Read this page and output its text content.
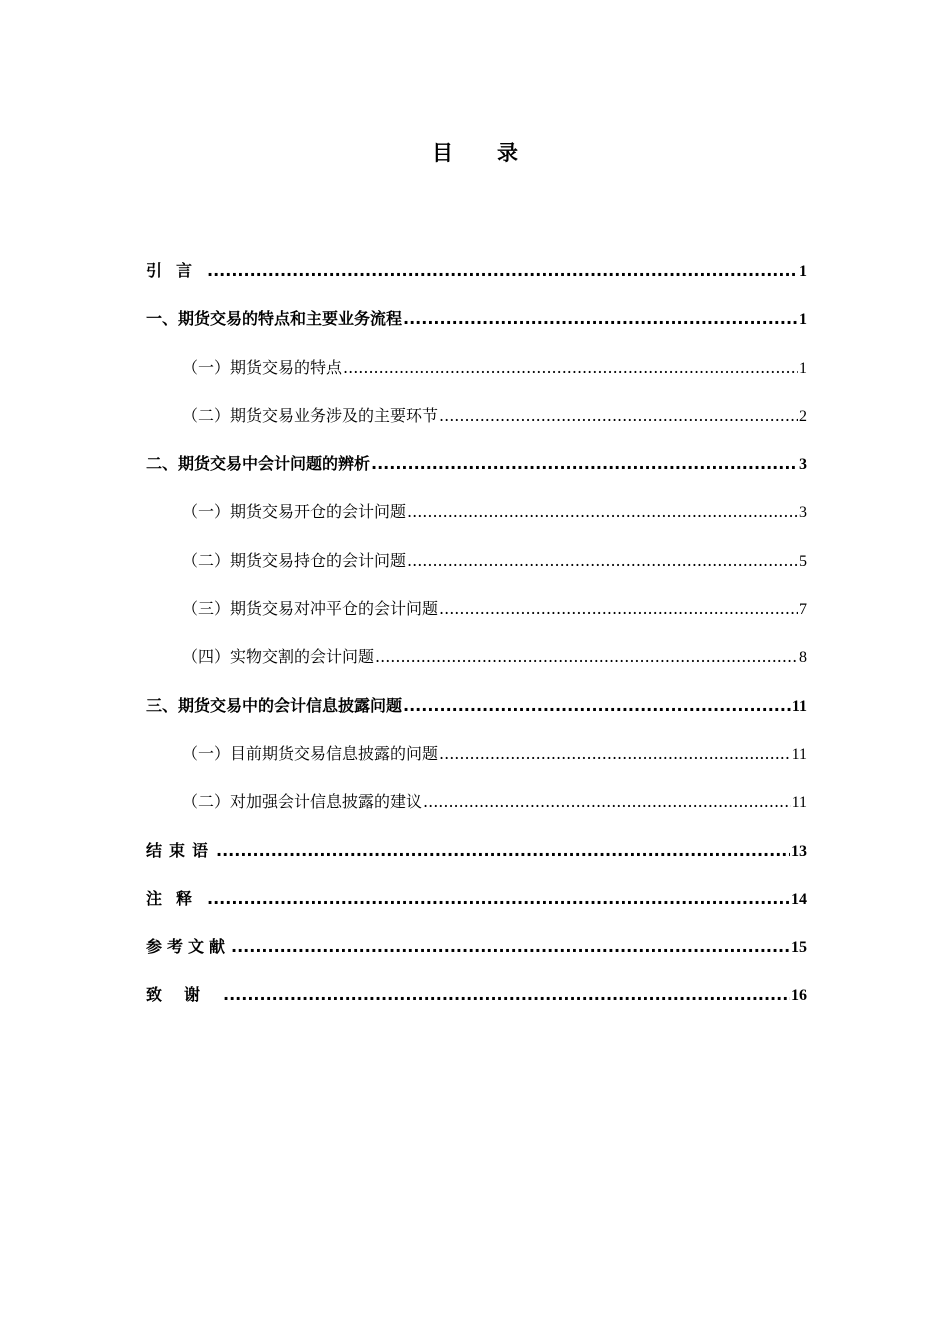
目录
引言 .....	1
一、期货交易的特点和主要业务流程 .....	1
（一）期货交易的特点 .....	1
（二）期货交易业务涉及的主要环节 .....	2
二、期货交易中会计问题的辨析 .....	3
（一）期货交易开仓的会计问题 .....	3
（二）期货交易持仓的会计问题 .....	5
（三）期货交易对冲平仓的会计问题 .....	7
（四）实物交割的会计问题 .....	8
三、期货交易中的会计信息披露问题 .....	11
（一）目前期货交易信息披露的问题 .....	11
（二）对加强会计信息披露的建议 .....	11
结束语 .....	13
注释 .....	14
参考文献 .....	15
致谢 .....	16
